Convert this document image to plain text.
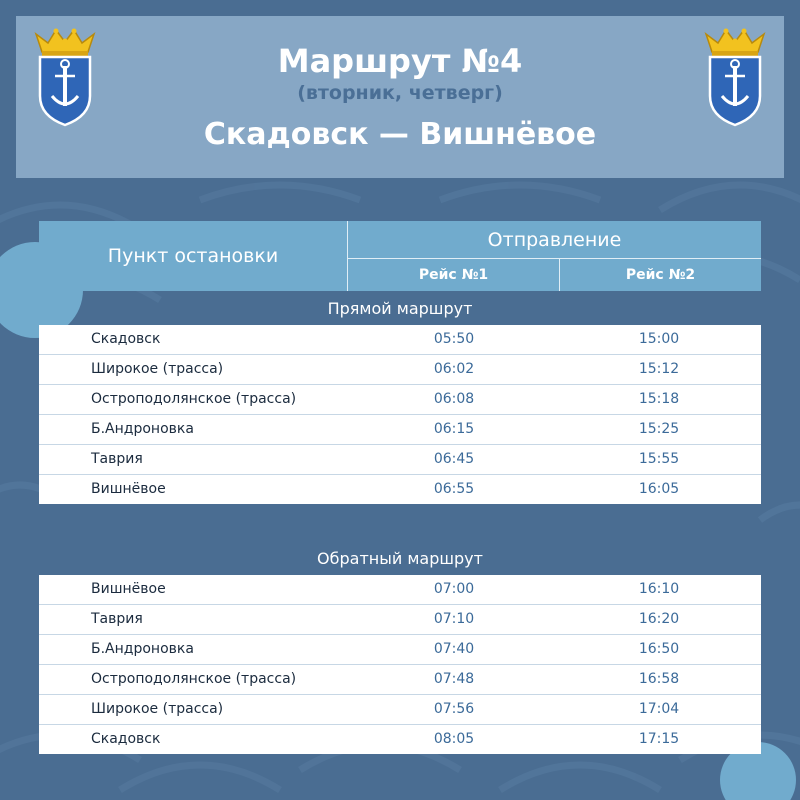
Маршрут №4
(вторник, четверг)
Скадовск — Вишнёвое
Пункт остановки
Отправление
Рейс №1	Рейс №2
Прямой маршрут
Скадовск	05:50	15:00
Широкое (трасса)	06:02	15:12
Остроподолянское (трасса)	06:08	15:18
Б.Андроновка	06:15	15:25
Таврия	06:45	15:55
Вишнёвое	06:55	16:05
Обратный маршрут
Вишнёвое	07:00	16:10
Таврия	07:10	16:20
Б.Андроновка	07:40	16:50
Остроподолянское (трасса)	07:48	16:58
Широкое (трасса)	07:56	17:04
Скадовск	08:05	17:15
